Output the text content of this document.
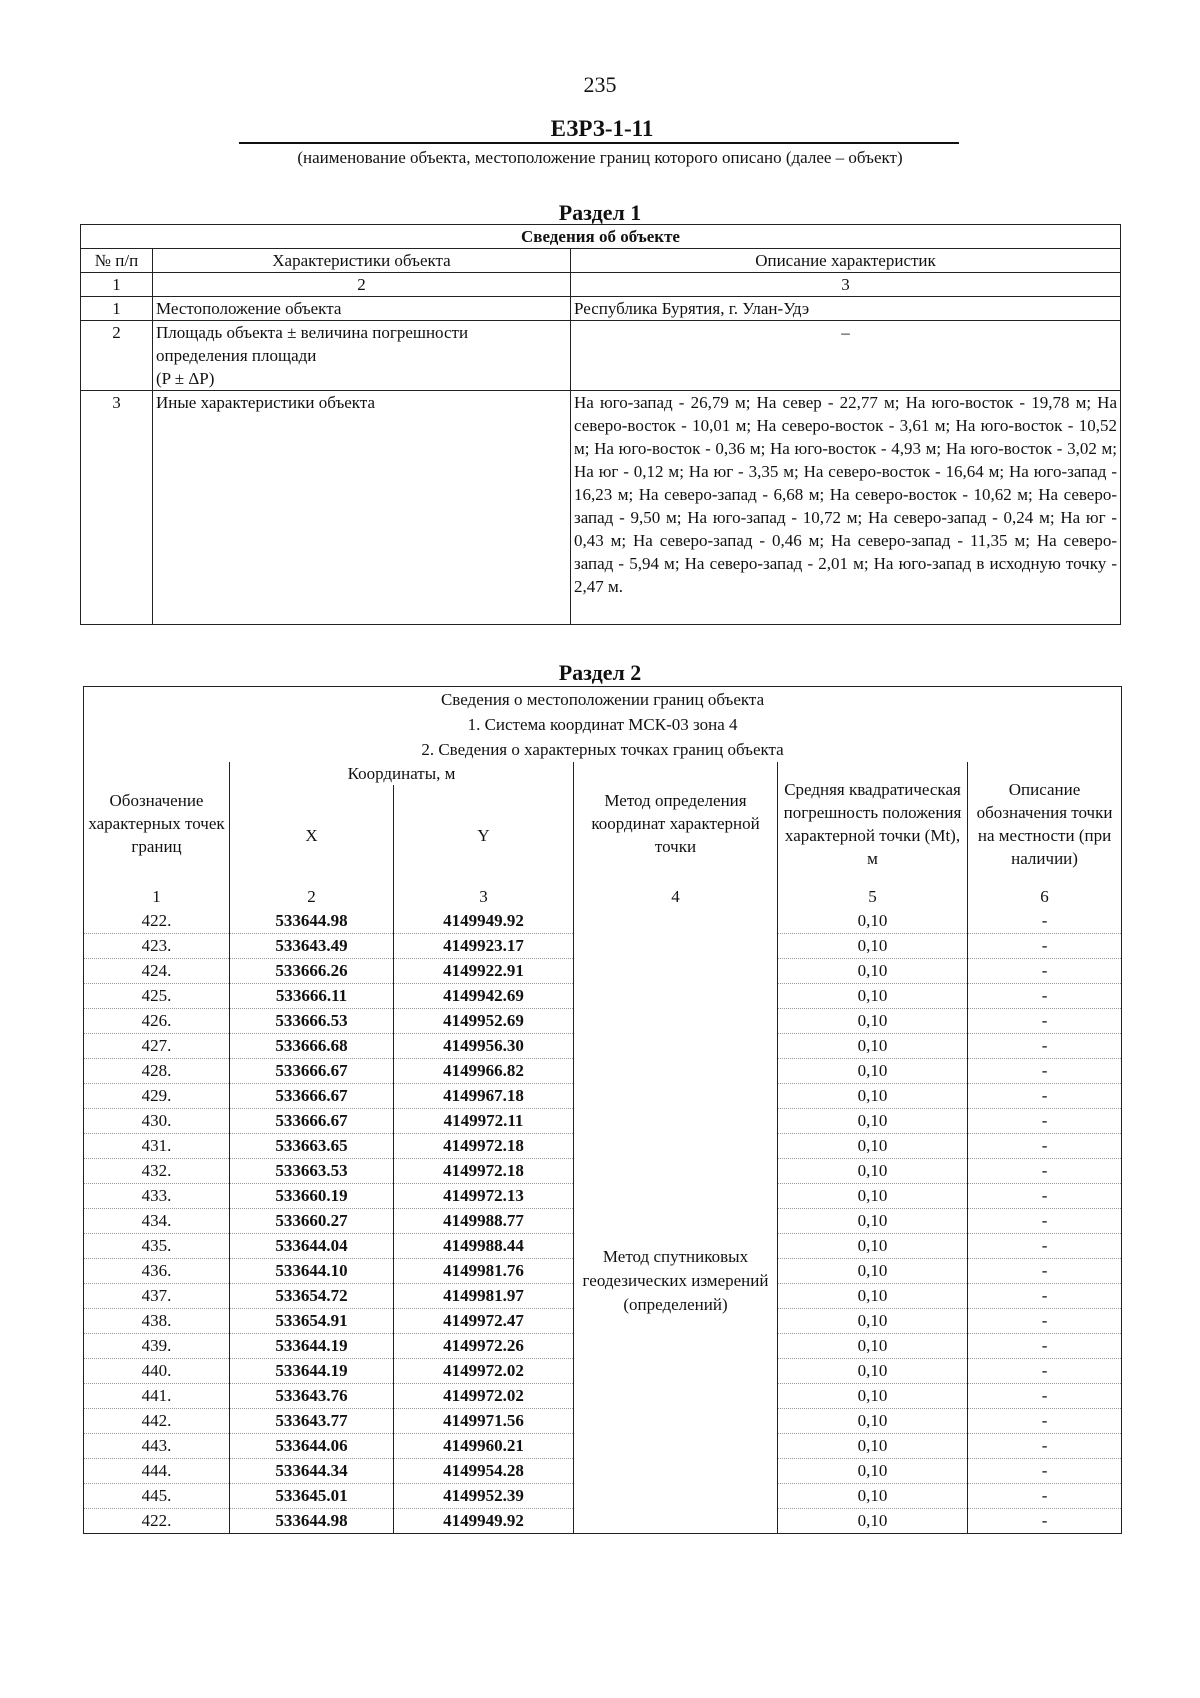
235
ЕЗРЗ-1-11
(наименование объекта, местоположение границ которого описано (далее – объект)
Раздел 1
Сведения об объекте		
№ п/п	Характеристики объекта	Описание характеристик
1	2	3
1	Местоположение объекта	Республика Бурятия, г. Улан-Удэ
2	Площадь объекта ± величина погрешности
определения площади
(P ± ΔP)	–
3	Иные характеристики объекта	На юго-запад - 26,79 м; На север - 22,77 м; На юго-восток - 19,78 м; На северо-восток - 10,01 м; На северо-восток - 3,61 м; На юго-восток - 10,52 м; На юго-восток - 0,36 м; На юго-восток - 4,93 м; На юго-восток - 3,02 м; На юг - 0,12 м; На юг - 3,35 м; На северо-восток - 16,64 м; На юго-запад - 16,23 м; На северо-запад - 6,68 м; На северо-восток - 10,62 м; На северо-запад - 9,50 м; На юго-запад - 10,72 м; На северо-запад - 0,24 м; На юг - 0,43 м; На северо-запад - 0,46 м; На северо-запад - 11,35 м; На северо-запад - 5,94 м; На северо-запад - 2,01 м; На юго-запад в исходную точку - 2,47 м.
Раздел 2
Сведения о местоположении границ объекта					
1. Система координат МСК-03 зона 4					
2. Сведения о характерных точках границ объекта					
Обозначение характерных точек границ	Координаты, м		Метод определения координат характерной точки	Средняя квадратическая погрешность положения характерной точки (Mt), м	Описание обозначения точки на местности (при наличии)
	X	Y			
1	2	3	4	5	6
422.	533644.98	4149949.92	Метод спутниковых геодезических измерений (определений)	0,10	-
423.	533643.49	4149923.17		0,10	-
424.	533666.26	4149922.91		0,10	-
425.	533666.11	4149942.69		0,10	-
426.	533666.53	4149952.69		0,10	-
427.	533666.68	4149956.30		0,10	-
428.	533666.67	4149966.82		0,10	-
429.	533666.67	4149967.18		0,10	-
430.	533666.67	4149972.11		0,10	-
431.	533663.65	4149972.18		0,10	-
432.	533663.53	4149972.18		0,10	-
433.	533660.19	4149972.13		0,10	-
434.	533660.27	4149988.77		0,10	-
435.	533644.04	4149988.44		0,10	-
436.	533644.10	4149981.76		0,10	-
437.	533654.72	4149981.97		0,10	-
438.	533654.91	4149972.47		0,10	-
439.	533644.19	4149972.26		0,10	-
440.	533644.19	4149972.02		0,10	-
441.	533643.76	4149972.02		0,10	-
442.	533643.77	4149971.56		0,10	-
443.	533644.06	4149960.21		0,10	-
444.	533644.34	4149954.28		0,10	-
445.	533645.01	4149952.39		0,10	-
422.	533644.98	4149949.92		0,10	-
